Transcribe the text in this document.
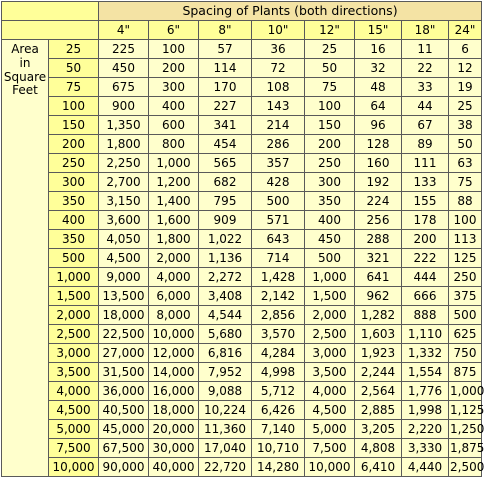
		Spacing of Plants (both directions)							
		4"	6"	8"	10"	12"	15"	18"	24"

Area
in
Square
Feet	25	225	100	57	36	25	16	11	6
	50	450	200	114	72	50	32	22	12
	75	675	300	170	108	75	48	33	19
	100	900	400	227	143	100	64	44	25
	150	1,350	600	341	214	150	96	67	38
	200	1,800	800	454	286	200	128	89	50
	250	2,250	1,000	565	357	250	160	111	63
	300	2,700	1,200	682	428	300	192	133	75
	350	3,150	1,400	795	500	350	224	155	88
	400	3,600	1,600	909	571	400	256	178	100
	350	4,050	1,800	1,022	643	450	288	200	113
	500	4,500	2,000	1,136	714	500	321	222	125
	1,000	9,000	4,000	2,272	1,428	1,000	641	444	250
	1,500	13,500	6,000	3,408	2,142	1,500	962	666	375
	2,000	18,000	8,000	4,544	2,856	2,000	1,282	888	500
	2,500	22,500	10,000	5,680	3,570	2,500	1,603	1,110	625
	3,000	27,000	12,000	6,816	4,284	3,000	1,923	1,332	750
	3,500	31,500	14,000	7,952	4,998	3,500	2,244	1,554	875
	4,000	36,000	16,000	9,088	5,712	4,000	2,564	1,776	1,000
	4,500	40,500	18,000	10,224	6,426	4,500	2,885	1,998	1,125
	5,000	45,000	20,000	11,360	7,140	5,000	3,205	2,220	1,250
	7,500	67,500	30,000	17,040	10,710	7,500	4,808	3,330	1,875
	10,000	90,000	40,000	22,720	14,280	10,000	6,410	4,440	2,500
